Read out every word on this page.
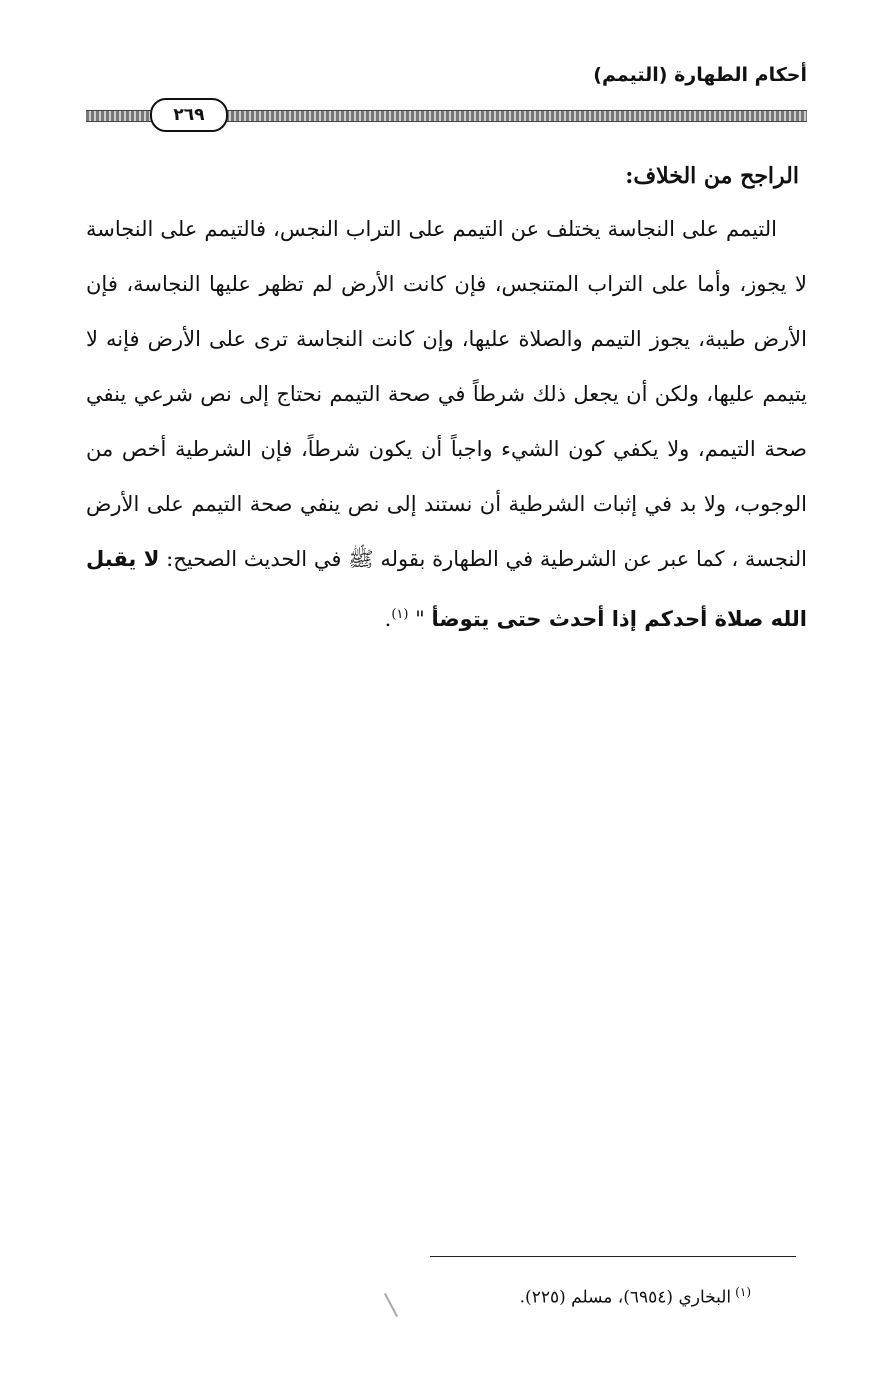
أحكام الطهارة (التيمم)
٢٦٩

الراجح من الخلاف:

التيمم على النجاسة يختلف عن التيمم على التراب النجس، فالتيمم على النجاسة لا يجوز، وأما على التراب المتنجس، فإن كانت الأرض لم تظهر عليها النجاسة، فإن الأرض طيبة، يجوز التيمم والصلاة عليها، وإن كانت النجاسة ترى على الأرض فإنه لا يتيمم عليها، ولكن أن يجعل ذلك شرطاً في صحة التيمم نحتاج إلى نص شرعي ينفي صحة التيمم، ولا يكفي كون الشيء واجباً أن يكون شرطاً، فإن الشرطية أخص من الوجوب، ولا بد في إثبات الشرطية أن نستند إلى نص ينفي صحة التيمم على الأرض النجسة ، كما عبر عن الشرطية في الطهارة بقوله ﷺ في الحديث الصحيح: لا يقبل الله صلاة أحدكم إذا أحدث حتى يتوضأ " $^{(١)}$.

$^{(١)}$البخاري (٦٩٥٤)، مسلم (٢٢٥).
